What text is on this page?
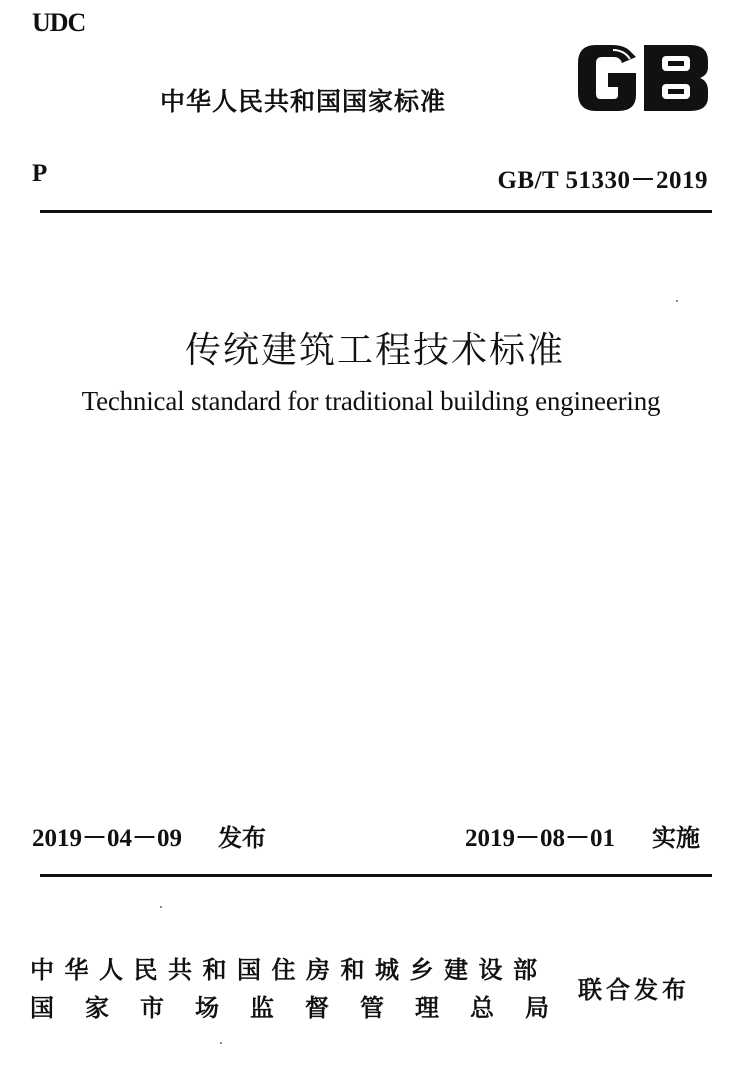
UDC
中华人民共和国国家标准
P	GB/T 51330－2019
传统建筑工程技术标准
Technical standard for traditional building engineering
2019－04－09 发布	2019－08－01 实施
中华人民共和国住房和城乡建设部
国家市场监督管理总局
联合发布
